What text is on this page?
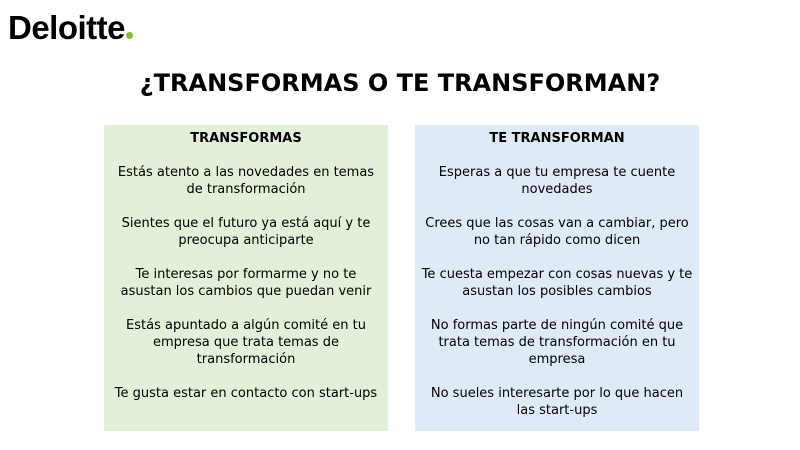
Deloitte
¿TRANSFORMAS O TE TRANSFORMAN?
TRANSFORMAS
Estás atento a las novedades en temas de transformación
Sientes que el futuro ya está aquí y te preocupa anticiparte
Te interesas por formarme y no te asustan los cambios que puedan venir
Estás apuntado a algún comité en tu empresa que trata temas de transformación
Te gusta estar en contacto con start-ups
TE TRANSFORMAN
Esperas a que tu empresa te cuente novedades
Crees que las cosas van a cambiar, pero no tan rápido como dicen
Te cuesta empezar con cosas nuevas y te asustan los posibles cambios
No formas parte de ningún comité que trata temas de transformación en tu empresa
No sueles interesarte por lo que hacen las start-ups
